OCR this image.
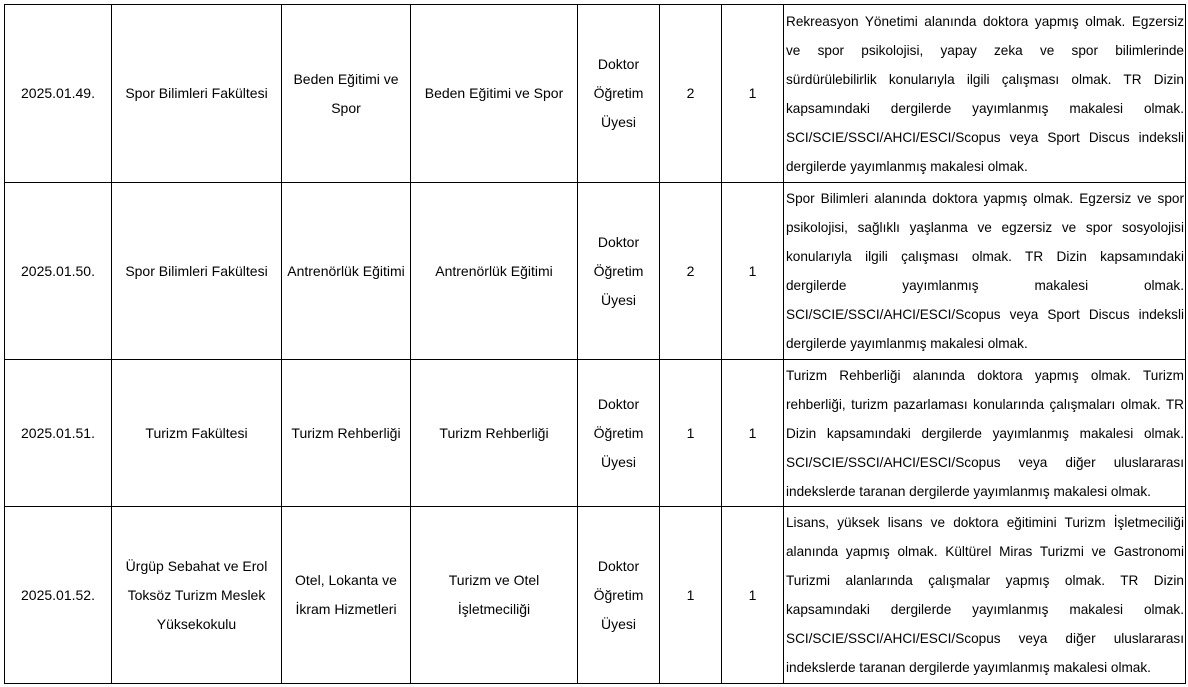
2025.01.49.	Spor Bilimleri Fakültesi	Beden Eğitimi ve Spor	Beden Eğitimi ve Spor	Doktor Öğretim Üyesi	2	1	Rekreasyon Yönetimi alanında doktora yapmış olmak. Egzersiz ve spor psikolojisi, yapay zeka ve spor bilimlerinde sürdürülebilirlik konularıyla ilgili çalışması olmak. TR Dizin kapsamındaki dergilerde yayımlanmış makalesi olmak. SCI/SCIE/SSCI/AHCI/ESCI/Scopus veya Sport Discus indeksli dergilerde yayımlanmış makalesi olmak.
2025.01.50.	Spor Bilimleri Fakültesi	Antrenörlük Eğitimi	Antrenörlük Eğitimi	Doktor Öğretim Üyesi	2	1	Spor Bilimleri alanında doktora yapmış olmak. Egzersiz ve spor psikolojisi, sağlıklı yaşlanma ve egzersiz ve spor sosyolojisi konularıyla ilgili çalışması olmak. TR Dizin kapsamındaki dergilerde yayımlanmış makalesi olmak. SCI/SCIE/SSCI/AHCI/ESCI/Scopus veya Sport Discus indeksli dergilerde yayımlanmış makalesi olmak.
2025.01.51.	Turizm Fakültesi	Turizm Rehberliği	Turizm Rehberliği	Doktor Öğretim Üyesi	1	1	Turizm Rehberliği alanında doktora yapmış olmak. Turizm rehberliği, turizm pazarlaması konularında çalışmaları olmak. TR Dizin kapsamındaki dergilerde yayımlanmış makalesi olmak. SCI/SCIE/SSCI/AHCI/ESCI/Scopus veya diğer uluslararası indekslerde taranan dergilerde yayımlanmış makalesi olmak.
2025.01.52.	Ürgüp Sebahat ve Erol Toksöz Turizm Meslek Yüksekokulu	Otel, Lokanta ve İkram Hizmetleri	Turizm ve Otel İşletmeciliği	Doktor Öğretim Üyesi	1	1	Lisans, yüksek lisans ve doktora eğitimini Turizm İşletmeciliği alanında yapmış olmak. Kültürel Miras Turizmi ve Gastronomi Turizmi alanlarında çalışmalar yapmış olmak. TR Dizin kapsamındaki dergilerde yayımlanmış makalesi olmak. SCI/SCIE/SSCI/AHCI/ESCI/Scopus veya diğer uluslararası indekslerde taranan dergilerde yayımlanmış makalesi olmak.
